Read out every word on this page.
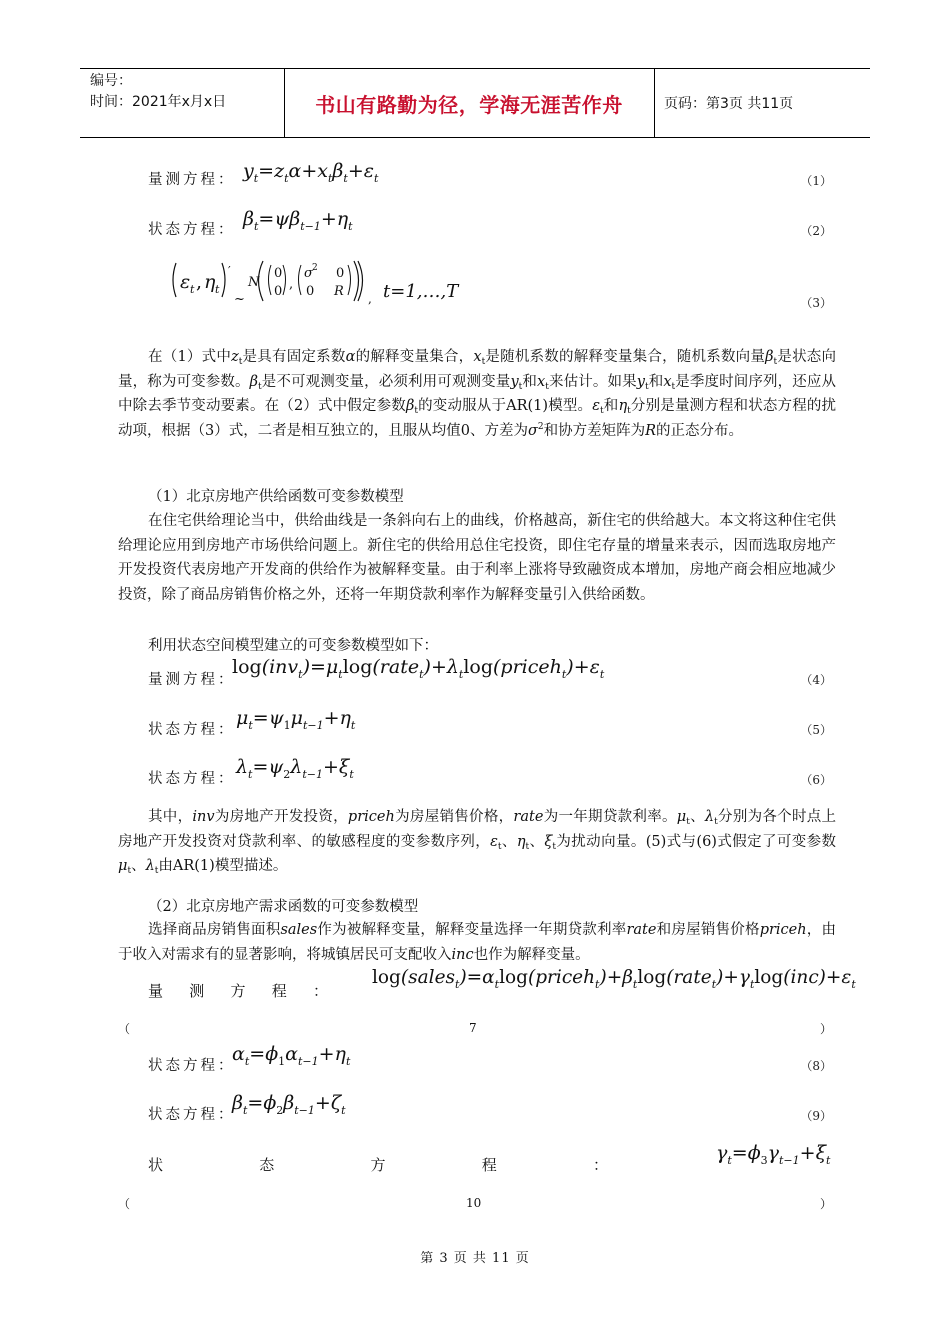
编号：
时间：2021年x月x日	书山有路勤为径，学海无涯苦作舟	页码：第3页 共11页
量测方程： $y_t=z_t\alpha+x_t\beta_t+\varepsilon_t$	（1）
状态方程： $\beta_t=\psi\beta_{t-1}+\eta_t$	（2）
ε t , η t
′
~
N
0
0 ,
σ 2 0
0 R , t=1,…,T
（3）
在（1）式中$z_t$是具有固定系数α的解释变量集合，$x_t$是随机系数的解释变量集合，随机系数向量$\beta_t$是状态向量，称为可变参数。$\beta_t$是不可观测变量，必须利用可观测变量$y_t$和$x_t$来估计。如果$y_t$和$x_t$是季度时间序列，还应从中除去季节变动要素。在（2）式中假定参数$\beta_t$的变动服从于AR(1)模型。$\varepsilon_t$和$\eta_t$分别是量测方程和状态方程的扰动项，根据（3）式，二者是相互独立的，且服从均值0、方差为$\sigma^2$和协方差矩阵为R的正态分布。
（1）北京房地产供给函数可变参数模型
在住宅供给理论当中，供给曲线是一条斜向右上的曲线，价格越高，新住宅的供给越大。本文将这种住宅供给理论应用到房地产市场供给问题上。新住宅的供给用总住宅投资，即住宅存量的增量来表示，因而选取房地产开发投资代表房地产开发商的供给作为被解释变量。由于利率上涨将导致融资成本增加，房地产商会相应地减少投资，除了商品房销售价格之外，还将一年期贷款利率作为解释变量引入供给函数。
利用状态空间模型建立的可变参数模型如下：
量测方程：
$\log(inv_t)=\mu_t\log(rate_t)+\lambda_t\log(priceh_t)+\varepsilon_t$	（4）
状态方程：
$\mu_t=\psi_1\mu_{t-1}+\eta_t$	（5）
状态方程：
$\lambda_t=\psi_2\lambda_{t-1}+\xi_t$	（6）
其中，inv为房地产开发投资，priceh为房屋销售价格，rate为一年期贷款利率。$\mu_t$、$\lambda_t$分别为各个时点上房地产开发投资对贷款利率、的敏感程度的变参数序列，$\varepsilon_t$、$\eta_t$、$\xi_t$为扰动向量。(5)式与(6)式假定了可变参数$\mu_t$、$\lambda_t$由AR(1)模型描述。
（2）北京房地产需求函数的可变参数模型
选择商品房销售面积sales作为被解释变量，解释变量选择一年期贷款利率rate和房屋销售价格priceh，由于收入对需求有的显著影响，将城镇居民可支配收入inc也作为解释变量。
量 测 方 程 ：
$\log(sales_t)=\alpha_t\log(priceh_t)+\beta_t\log(rate_t)+\gamma_t\log(inc)+\varepsilon_t$
（	7	）
状态方程：
$\alpha_t=\phi_1\alpha_{t-1}+\eta_t$	（8）
状态方程：
$\beta_t=\phi_2\beta_{t-1}+\zeta_t$	（9）
状	态	方	程	：
$\gamma_t=\phi_3\gamma_{t-1}+\xi_t$
（	10	）
第 3 页 共 11 页
